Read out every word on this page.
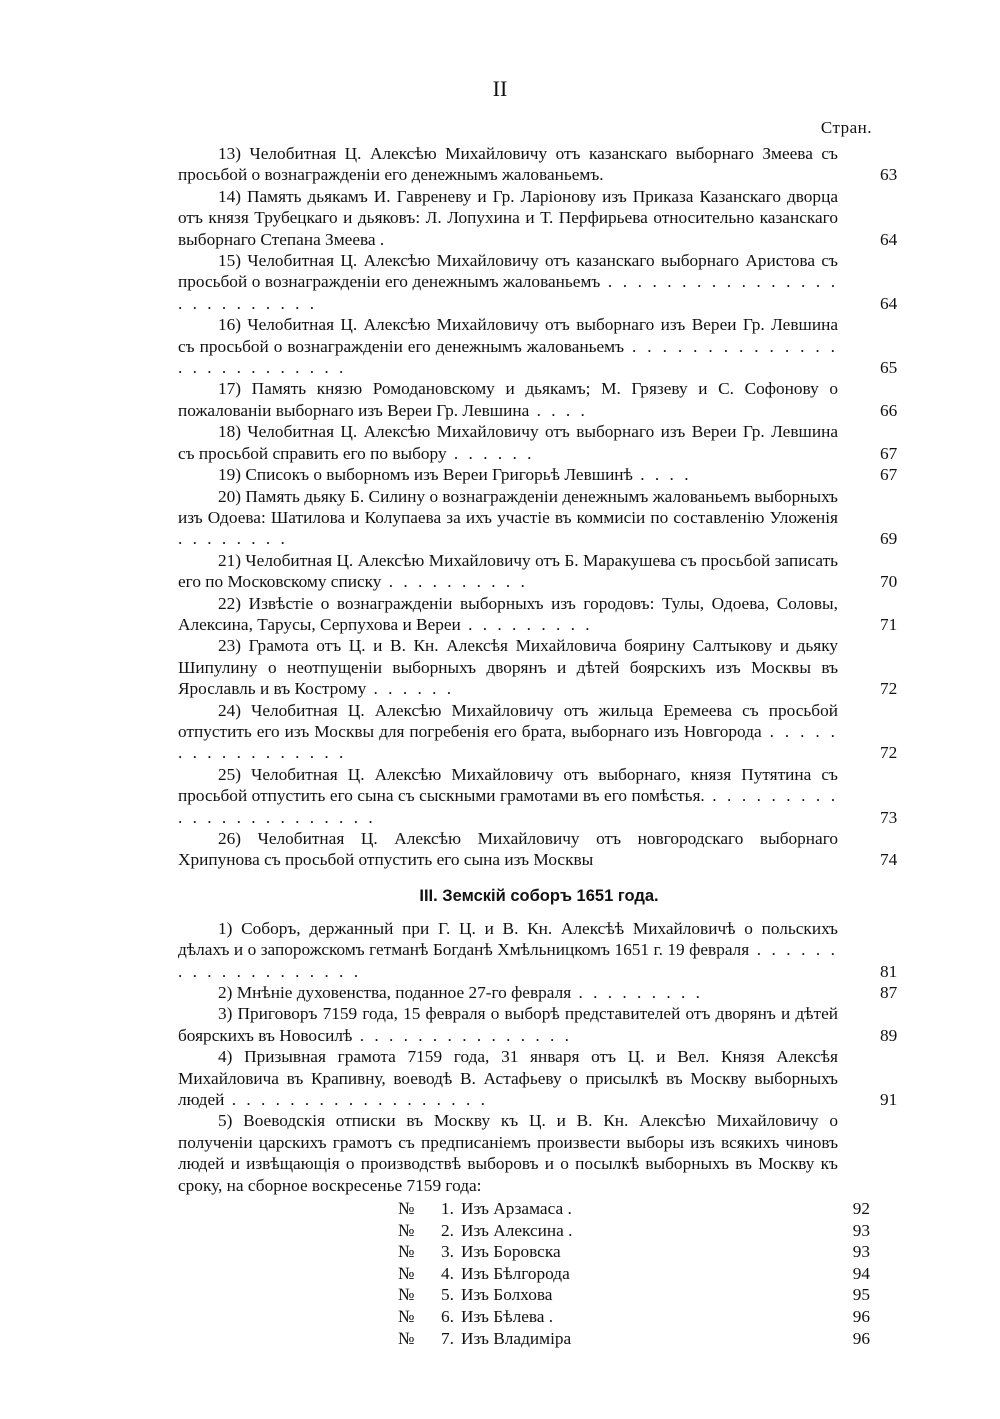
II
Стран.
13) Челобитная Ц. Алексѣю Михайловичу отъ казанскаго выборнаго Змеева съ просьбой о вознагражденіи его денежнымъ жалованьемъ.	63
14) Память дьякамъ И. Гавреневу и Гр. Ларіонову изъ Приказа Казанскаго дворца отъ князя Трубецкаго и дьяковъ: Л. Лопухина и Т. Перфирьева относительно казанскаго выборнаго Степана Змеева .	64
15) Челобитная Ц. Алексѣю Михайловичу отъ казанскаго выборнаго Аристова съ просьбой о вознагражденіи его денежнымъ жалованьемъ . . . . . . . . . . . . . . . . . . . . . . . . . .	64
16) Челобитная Ц. Алексѣю Михайловичу отъ выборнаго изъ Вереи Гр. Левшина съ просьбой о вознагражденіи его денежнымъ жалованьемъ . . . . . . . . . . . . . . . . . . . . . . . . . .	65
17) Память князю Ромодановскому и дьякамъ; М. Грязеву и С. Софонову о пожалованіи выборнаго изъ Вереи Гр. Левшина . . . .	66
18) Челобитная Ц. Алексѣю Михайловичу отъ выборнаго изъ Вереи Гр. Левшина съ просьбой справить его по выбору . . . . . .	67
19) Списокъ о выборномъ изъ Вереи Григорьѣ Левшинѣ . . . .	67
20) Память дьяку Б. Силину о вознагражденіи денежнымъ жалованьемъ выборныхъ изъ Одоева: Шатилова и Колупаева за ихъ участіе въ коммисіи по составленію Уложенія . . . . . . . .	69
21) Челобитная Ц. Алексѣю Михайловичу отъ Б. Маракушева съ просьбой записать его по Московскому списку . . . . . . . . . .	70
22) Извѣстіе о вознагражденіи выборныхъ изъ городовъ: Тулы, Одоева, Соловы, Алексина, Тарусы, Серпухова и Вереи . . . . . . . . .	71
23) Грамота отъ Ц. и В. Кн. Алексѣя Михайловича боярину Салтыкову и дьяку Шипулину о неотпущеніи выборныхъ дворянъ и дѣтей боярскихъ изъ Москвы въ Ярославль и въ Кострому . . . . . .	72
24) Челобитная Ц. Алексѣю Михайловичу отъ жильца Еремеева съ просьбой отпустить его изъ Москвы для погребенія его брата, выборнаго изъ Новгорода . . . . . . . . . . . . . . . . .	72
25) Челобитная Ц. Алексѣю Михайловичу отъ выборнаго, князя Путятина съ просьбой отпустить его сына съ сыскными грамотами въ его помѣстья. . . . . . . . . . . . . . . . . . . . . . . .	73
26) Челобитная Ц. Алексѣю Михайловичу отъ новгородскаго выборнаго Хрипунова съ просьбой отпустить его сына изъ Москвы	74
III. Земскій соборъ 1651 года.
1) Соборъ, держанный при Г. Ц. и В. Кн. Алексѣѣ Михайловичѣ о польскихъ дѣлахъ и о запорожскомъ гетманѣ Богданѣ Хмѣльницкомъ 1651 г. 19 февраля . . . . . . . . . . . . . . . . . . .	81
2) Мнѣніе духовенства, поданное 27-го февраля . . . . . . . . .	87
3) Приговоръ 7159 года, 15 февраля о выборѣ представителей отъ дворянъ и дѣтей боярскихъ въ Новосилѣ . . . . . . . . . . . . . . .	89
4) Призывная грамота 7159 года, 31 января отъ Ц. и Вел. Князя Алексѣя Михайловича въ Крапивну, воеводѣ В. Астафьеву о присылкѣ въ Москву выборныхъ людей . . . . . . . . . . . . . . . . . .	91
5) Воеводскія отписки въ Москву къ Ц. и В. Кн. Алексѣю Михайловичу о полученіи царскихъ грамотъ съ предписаніемъ произвести выборы изъ всякихъ чиновъ людей и извѣщающія о производствѣ выборовъ и о посылкѣ выборныхъ въ Москву къ сроку, на сборное воскресенье 7159 года:
№ 1. Изъ Арзамаса .	92
№ 2. Изъ Алексина .	93
№ 3. Изъ Боровска	93
№ 4. Изъ Бѣлгорода	94
№ 5. Изъ Болхова	95
№ 6. Изъ Бѣлева .	96
№ 7. Изъ Владиміра	96
